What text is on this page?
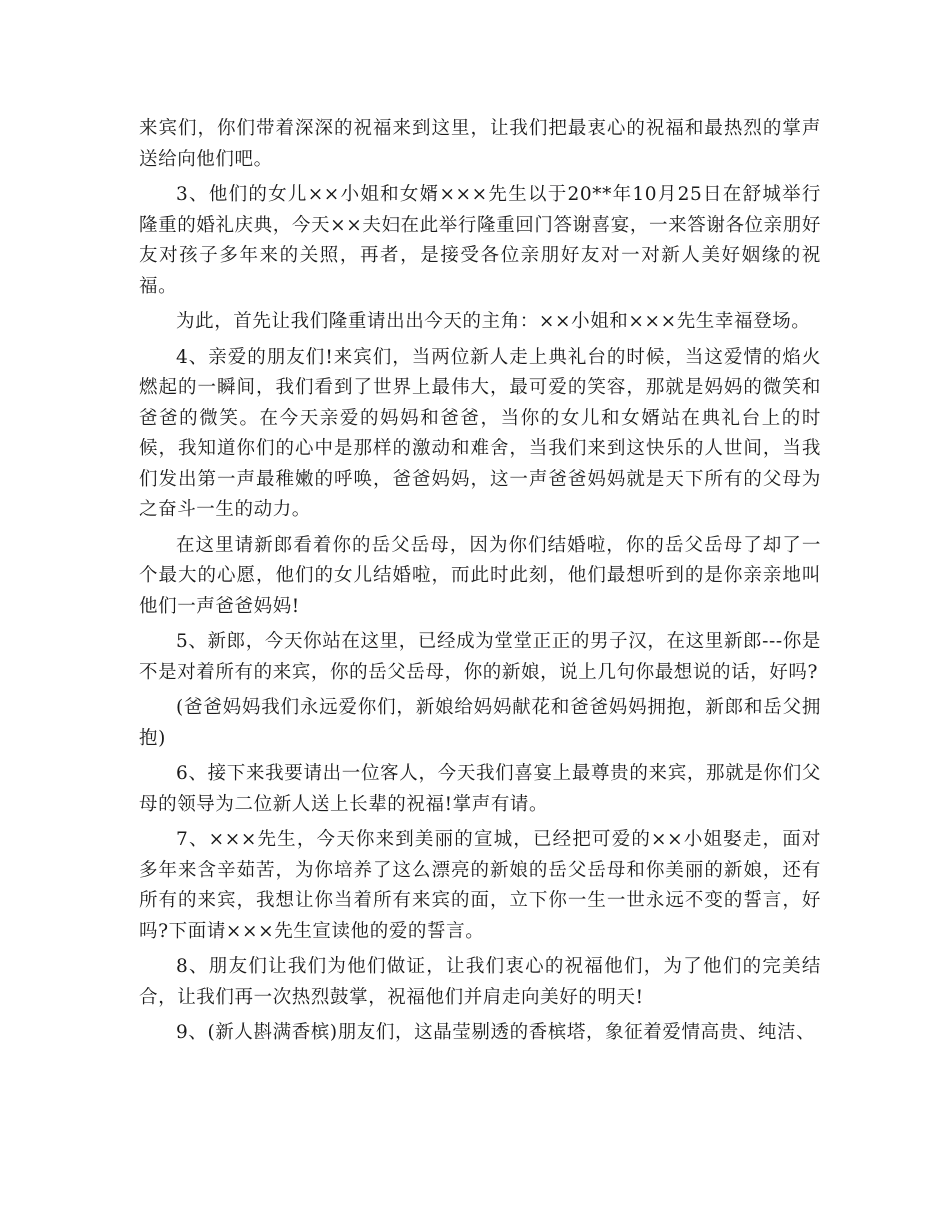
来宾们，你们带着深深的祝福来到这里，让我们把最衷心的祝福和最热烈的掌声送给向他们吧。

3、他们的女儿××小姐和女婿×××先生以于20**年10月25日在舒城举行隆重的婚礼庆典，今天××夫妇在此举行隆重回门答谢喜宴，一来答谢各位亲朋好友对孩子多年来的关照，再者，是接受各位亲朋好友对一对新人美好姻缘的祝福。

为此，首先让我们隆重请出出今天的主角：××小姐和×××先生幸福登场。

4、亲爱的朋友们!来宾们，当两位新人走上典礼台的时候，当这爱情的焰火燃起的一瞬间，我们看到了世界上最伟大，最可爱的笑容，那就是妈妈的微笑和爸爸的微笑。在今天亲爱的妈妈和爸爸，当你的女儿和女婿站在典礼台上的时候，我知道你们的心中是那样的激动和难舍，当我们来到这快乐的人世间，当我们发出第一声最稚嫩的呼唤，爸爸妈妈，这一声爸爸妈妈就是天下所有的父母为之奋斗一生的动力。

在这里请新郎看着你的岳父岳母，因为你们结婚啦，你的岳父岳母了却了一个最大的心愿，他们的女儿结婚啦，而此时此刻，他们最想听到的是你亲亲地叫他们一声爸爸妈妈!

5、新郎，今天你站在这里，已经成为堂堂正正的男子汉，在这里新郎---你是不是对着所有的来宾，你的岳父岳母，你的新娘，说上几句你最想说的话，好吗?

(爸爸妈妈我们永远爱你们，新娘给妈妈献花和爸爸妈妈拥抱，新郎和岳父拥抱)

6、接下来我要请出一位客人，今天我们喜宴上最尊贵的来宾，那就是你们父母的领导为二位新人送上长辈的祝福!掌声有请。

7、×××先生，今天你来到美丽的宣城，已经把可爱的××小姐娶走，面对多年来含辛茹苦，为你培养了这么漂亮的新娘的岳父岳母和你美丽的新娘，还有所有的来宾，我想让你当着所有来宾的面，立下你一生一世永远不变的誓言，好吗?下面请×××先生宣读他的爱的誓言。

8、朋友们让我们为他们做证，让我们衷心的祝福他们，为了他们的完美结合，让我们再一次热烈鼓掌，祝福他们并肩走向美好的明天!

9、(新人斟满香槟)朋友们，这晶莹剔透的香槟塔，象征着爱情高贵、纯洁、
